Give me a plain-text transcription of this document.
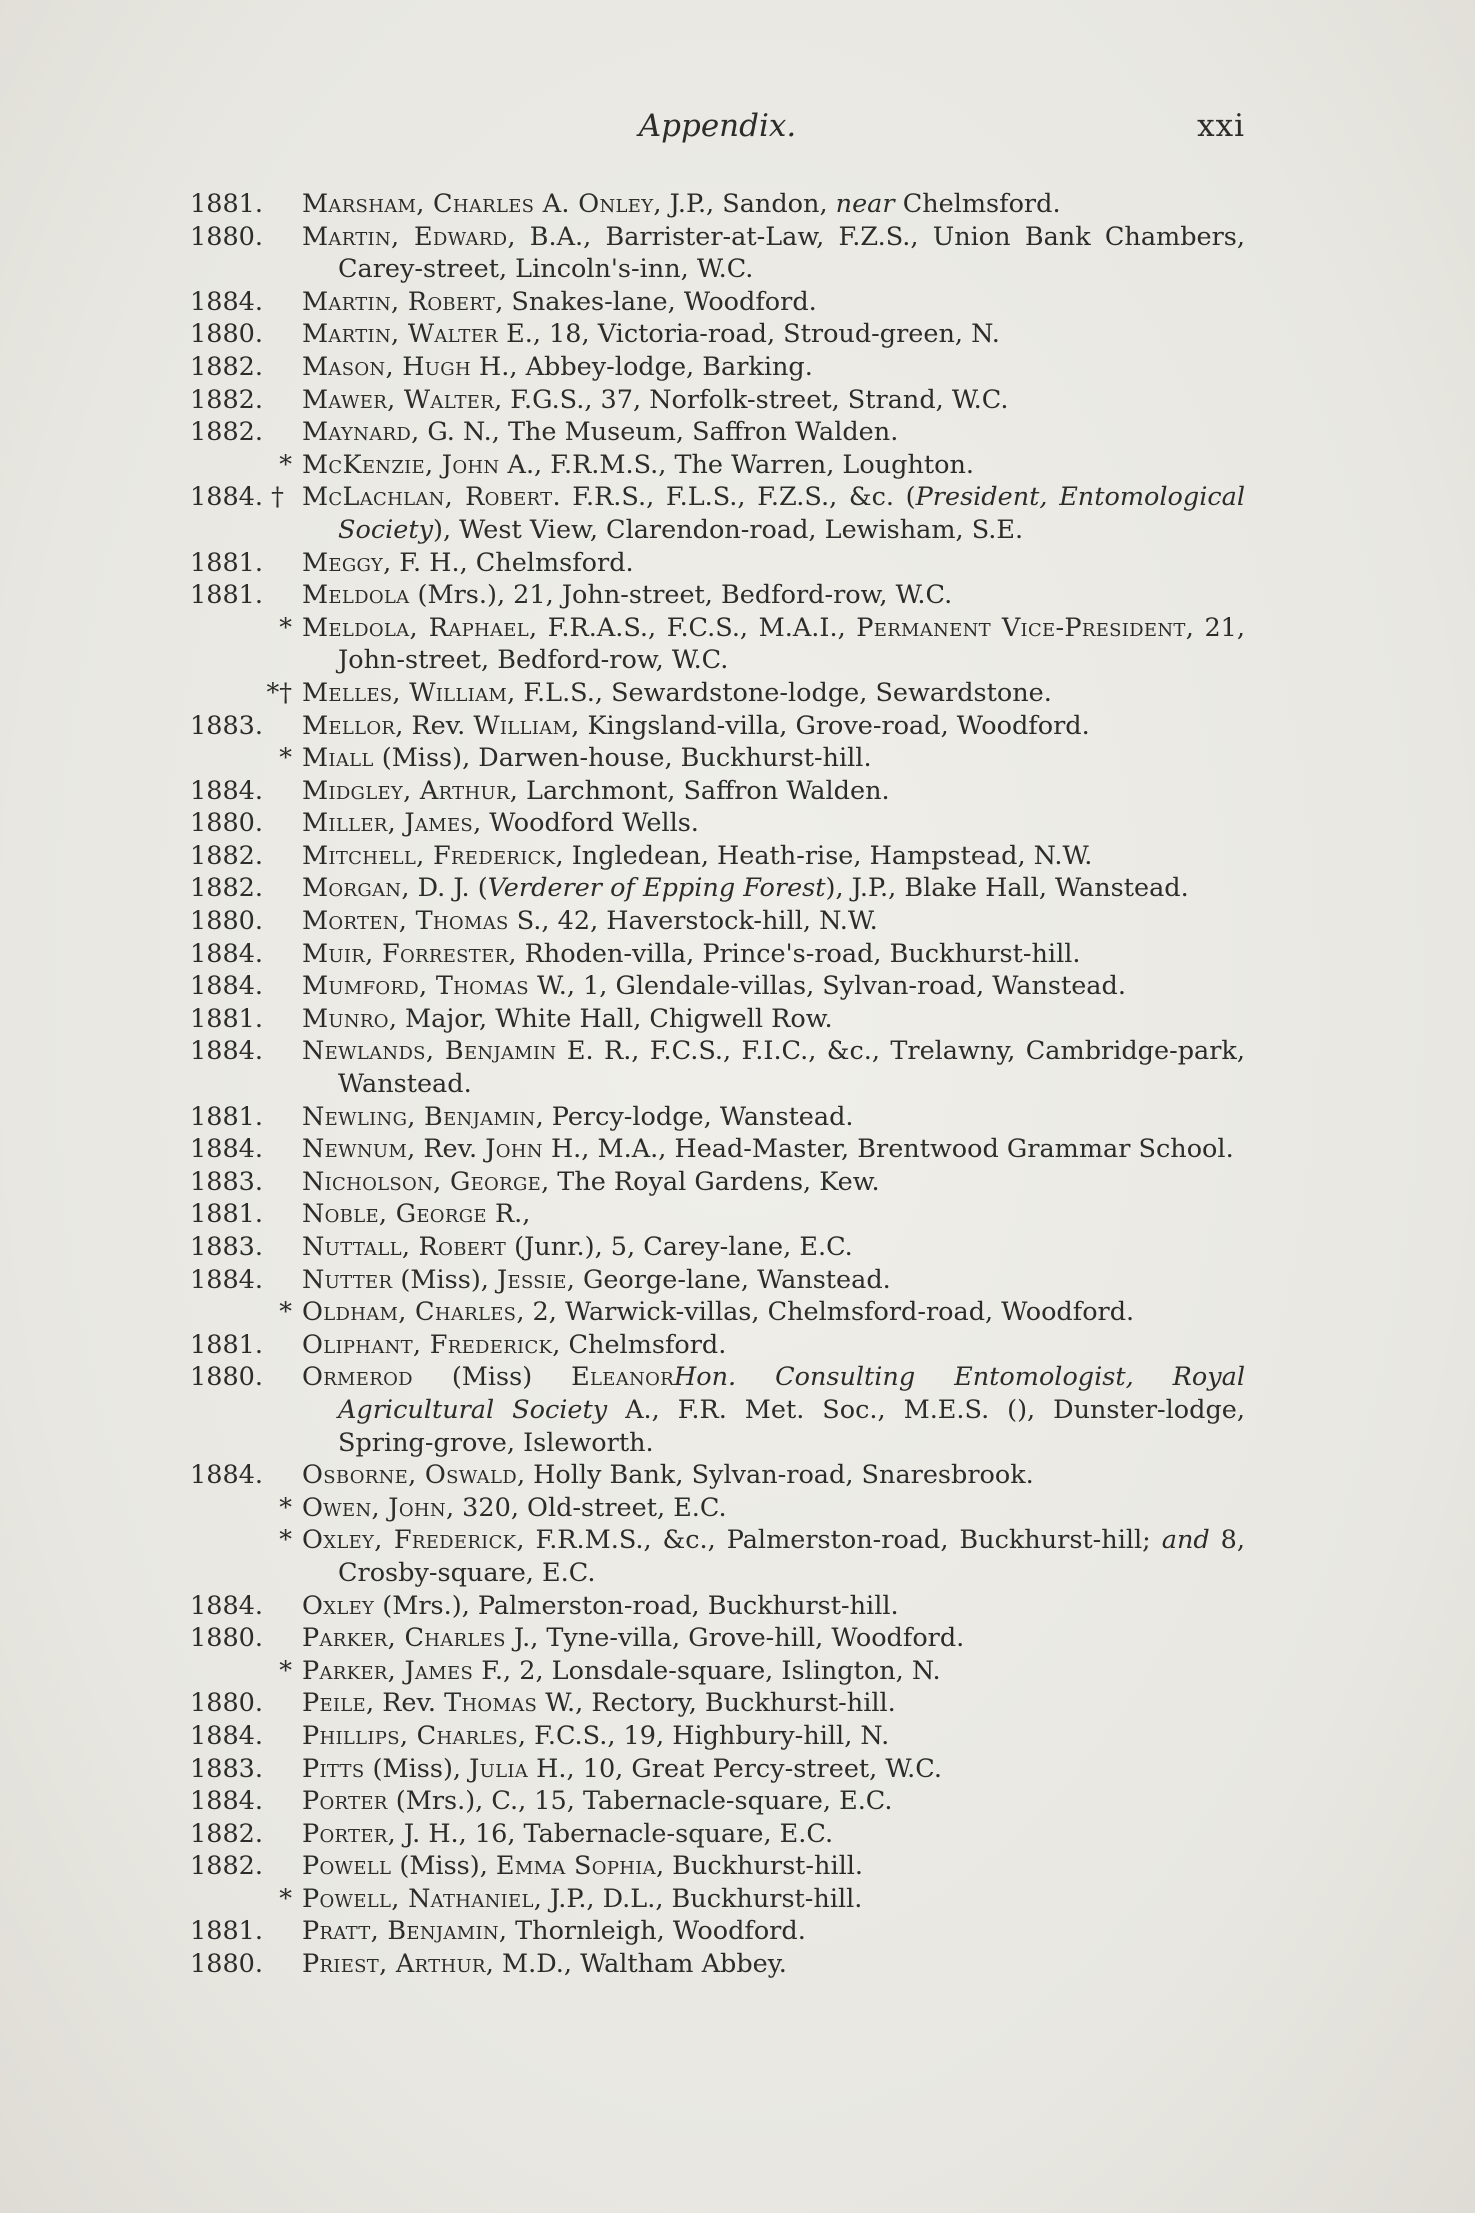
Appendix.	xxi
1881.	Marsham, Charles A. Onley, J.P., Sandon, near Chelmsford.
1880.	Martin, Edward, B.A., Barrister-at-Law, F.Z.S., Union Bank Chambers, Carey-street, Lincoln's-inn, W.C.
1884.	Martin, Robert, Snakes-lane, Woodford.
1880.	Martin, Walter E., 18, Victoria-road, Stroud-green, N.
1882.	Mason, Hugh H., Abbey-lodge, Barking.
1882.	Mawer, Walter, F.G.S., 37, Norfolk-street, Strand, W.C.
1882.	Maynard, G. N., The Museum, Saffron Walden.
* McKenzie, John A., F.R.M.S., The Warren, Loughton.
1884. † McLachlan, Robert. F.R.S., F.L.S., F.Z.S., &c. (President, Entomological Society), West View, Clarendon-road, Lewisham, S.E.
1881.	Meggy, F. H., Chelmsford.
1881.	Meldola (Mrs.), 21, John-street, Bedford-row, W.C.
* Meldola, Raphael, F.R.A.S., F.C.S., M.A.I., Permanent Vice-President, 21, John-street, Bedford-row, W.C.
*† Melles, William, F.L.S., Sewardstone-lodge, Sewardstone.
1883.	Mellor, Rev. William, Kingsland-villa, Grove-road, Woodford.
* Miall (Miss), Darwen-house, Buckhurst-hill.
1884.	Midgley, Arthur, Larchmont, Saffron Walden.
1880.	Miller, James, Woodford Wells.
1882.	Mitchell, Frederick, Ingledean, Heath-rise, Hampstead, N.W.
1882.	Morgan, D. J. (Verderer of Epping Forest), J.P., Blake Hall, Wanstead.
1880.	Morten, Thomas S., 42, Haverstock-hill, N.W.
1884.	Muir, Forrester, Rhoden-villa, Prince's-road, Buckhurst-hill.
1884.	Mumford, Thomas W., 1, Glendale-villas, Sylvan-road, Wanstead.
1881.	Munro, Major, White Hall, Chigwell Row.
1884.	Newlands, Benjamin E. R., F.C.S., F.I.C., &c., Trelawny, Cambridge-park, Wanstead.
1881.	Newling, Benjamin, Percy-lodge, Wanstead.
1884.	Newnum, Rev. John H., M.A., Head-Master, Brentwood Grammar School.
1883.	Nicholson, George, The Royal Gardens, Kew.
1881.	Noble, George R.,
1883.	Nuttall, Robert (Junr.), 5, Carey-lane, E.C.
1884.	Nutter (Miss), Jessie, George-lane, Wanstead.
* Oldham, Charles, 2, Warwick-villas, Chelmsford-road, Woodford.
1881.	Oliphant, Frederick, Chelmsford.
1880.	Ormerod (Miss) EleanorHon. Consulting Entomologist, Royal Agricultural Society A., F.R. Met. Soc., M.E.S. (), Dunster-lodge, Spring-grove, Isleworth.
1884.	Osborne, Oswald, Holly Bank, Sylvan-road, Snaresbrook.
* Owen, John, 320, Old-street, E.C.
* Oxley, Frederick, F.R.M.S., &c., Palmerston-road, Buckhurst-hill; and 8, Crosby-square, E.C.
1884.	Oxley (Mrs.), Palmerston-road, Buckhurst-hill.
1880.	Parker, Charles J., Tyne-villa, Grove-hill, Woodford.
* Parker, James F., 2, Lonsdale-square, Islington, N.
1880.	Peile, Rev. Thomas W., Rectory, Buckhurst-hill.
1884.	Phillips, Charles, F.C.S., 19, Highbury-hill, N.
1883.	Pitts (Miss), Julia H., 10, Great Percy-street, W.C.
1884.	Porter (Mrs.), C., 15, Tabernacle-square, E.C.
1882.	Porter, J. H., 16, Tabernacle-square, E.C.
1882.	Powell (Miss), Emma Sophia, Buckhurst-hill.
* Powell, Nathaniel, J.P., D.L., Buckhurst-hill.
1881.	Pratt, Benjamin, Thornleigh, Woodford.
1880.	Priest, Arthur, M.D., Waltham Abbey.
